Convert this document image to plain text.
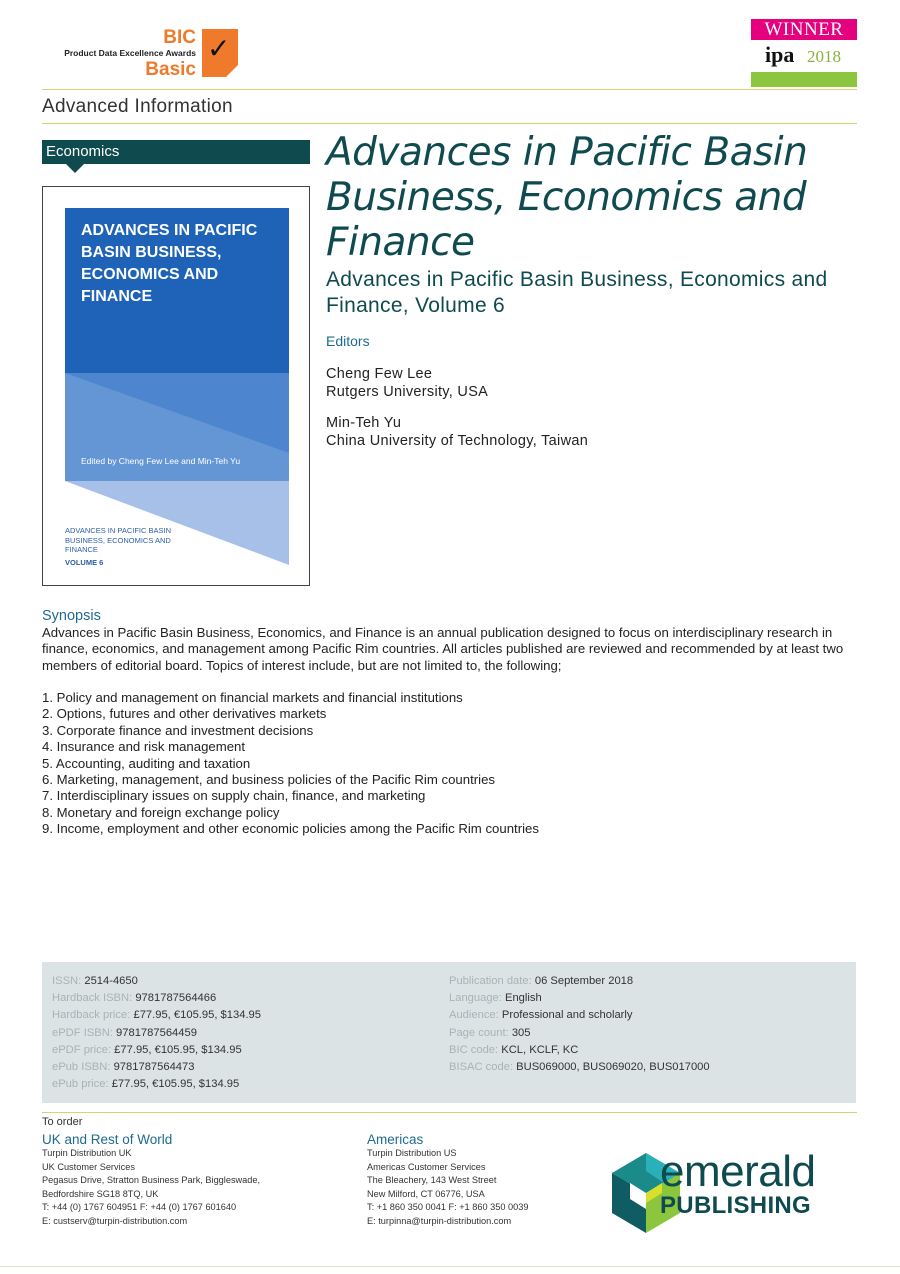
BIC
Product Data Excellence Awards
Basic
✓
WINNER
ipa 2018
Advanced Information
Economics
ADVANCES IN PACIFIC BASIN BUSINESS, ECONOMICS AND FINANCE
Edited by Cheng Few Lee and Min-Teh Yu
ADVANCES IN PACIFIC BASIN BUSINESS, ECONOMICS AND FINANCE
VOLUME 6
Advances in Pacific Basin Business, Economics and Finance
Advances in Pacific Basin Business, Economics and Finance, Volume 6
Editors
Cheng Few Lee
Rutgers University, USA
Min-Teh Yu
China University of Technology, Taiwan
Synopsis
Advances in Pacific Basin Business, Economics, and Finance is an annual publication designed to focus on interdisciplinary research in finance, economics, and management among Pacific Rim countries. All articles published are reviewed and recommended by at least two members of editorial board. Topics of interest include, but are not limited to, the following;
1. Policy and management on financial markets and financial institutions
2. Options, futures and other derivatives markets
3. Corporate finance and investment decisions
4. Insurance and risk management
5. Accounting, auditing and taxation
6. Marketing, management, and business policies of the Pacific Rim countries
7. Interdisciplinary issues on supply chain, finance, and marketing
8. Monetary and foreign exchange policy
9. Income, employment and other economic policies among the Pacific Rim countries
ISSN: 2514-4650
Hardback ISBN: 9781787564466
Hardback price: £77.95, €105.95, $134.95
ePDF ISBN: 9781787564459
ePDF price: £77.95, €105.95, $134.95
ePub ISBN: 9781787564473
ePub price: £77.95, €105.95, $134.95
Publication date: 06 September 2018
Language: English
Audience: Professional and scholarly
Page count: 305
BIC code: KCL, KCLF, KC
BISAC code: BUS069000, BUS069020, BUS017000
To order
UK and Rest of World
Turpin Distribution UK
UK Customer Services
Pegasus Drive, Stratton Business Park, Biggleswade,
Bedfordshire SG18 8TQ, UK
T: +44 (0) 1767 604951 F: +44 (0) 1767 601640
E: custserv@turpin-distribution.com
Americas
Turpin Distribution US
Americas Customer Services
The Bleachery, 143 West Street
New Milford, CT 06776, USA
T: +1 860 350 0041 F: +1 860 350 0039
E: turpinna@turpin-distribution.com
emerald
PUBLISHING
